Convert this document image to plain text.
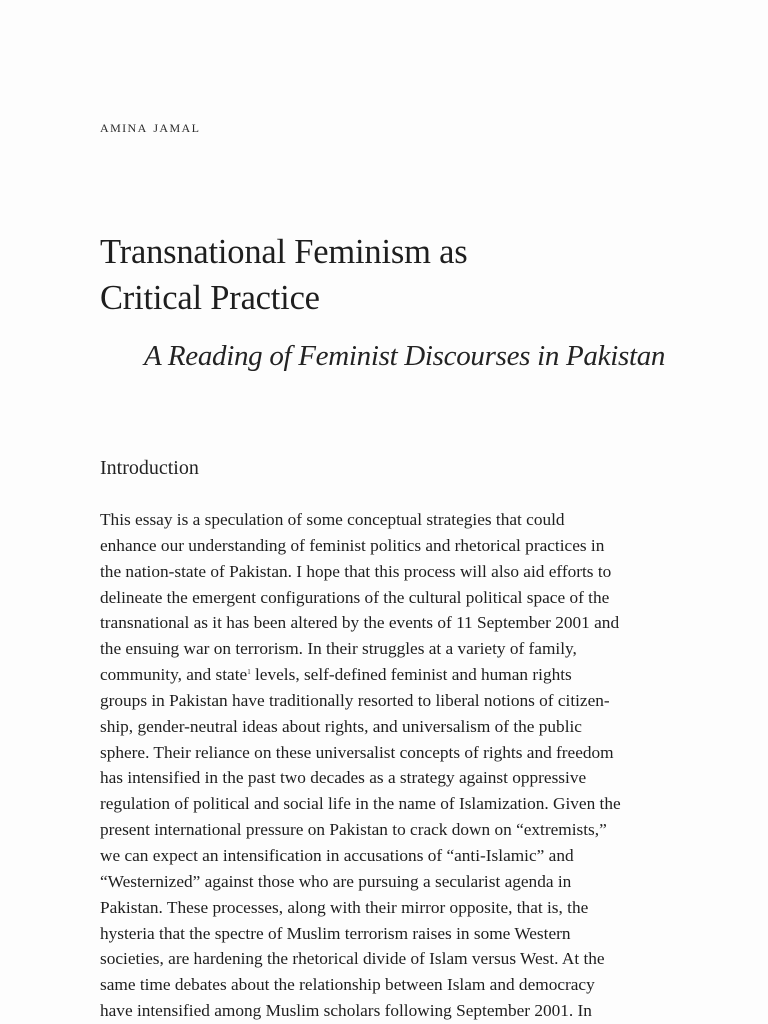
amina jamal
Transnational Feminism as
Critical Practice
A Reading of Feminist Discourses in Pakistan
Introduction
This essay is a speculation of some conceptual strategies that could
enhance our understanding of feminist politics and rhetorical practices in
the nation-state of Pakistan. I hope that this process will also aid efforts to
delineate the emergent configurations of the cultural political space of the
transnational as it has been altered by the events of 11 September 2001 and
the ensuing war on terrorism. In their struggles at a variety of family,
community, and state$^1$ levels, self-defined feminist and human rights
groups in Pakistan have traditionally resorted to liberal notions of citizen-
ship, gender-neutral ideas about rights, and universalism of the public
sphere. Their reliance on these universalist concepts of rights and freedom
has intensified in the past two decades as a strategy against oppressive
regulation of political and social life in the name of Islamization. Given the
present international pressure on Pakistan to crack down on “extremists,”
we can expect an intensification in accusations of “anti-Islamic” and
“Westernized” against those who are pursuing a secularist agenda in
Pakistan. These processes, along with their mirror opposite, that is, the
hysteria that the spectre of Muslim terrorism raises in some Western
societies, are hardening the rhetorical divide of Islam versus West. At the
same time debates about the relationship between Islam and democracy
have intensified among Muslim scholars following September 2001. In
